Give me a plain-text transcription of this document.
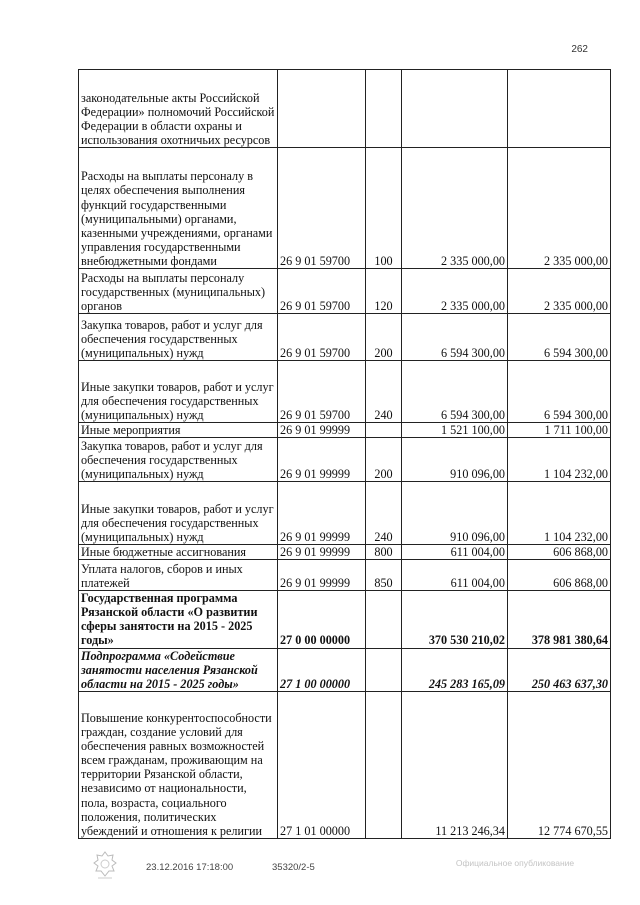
262
законодательные акты Российской Федерации» полномочий Российской Федерации в области охраны и использования охотничьих ресурсов				
Расходы на выплаты персоналу в целях обеспечения выполнения функций государственными (муниципальными) органами, казенными учреждениями, органами управления государственными внебюджетными фондами	26 9 01 59700	100	2 335 000,00	2 335 000,00
Расходы на выплаты персоналу государственных (муниципальных) органов	26 9 01 59700	120	2 335 000,00	2 335 000,00
Закупка товаров, работ и услуг для обеспечения государственных (муниципальных) нужд	26 9 01 59700	200	6 594 300,00	6 594 300,00
Иные закупки товаров, работ и услуг для обеспечения государственных (муниципальных) нужд	26 9 01 59700	240	6 594 300,00	6 594 300,00
Иные мероприятия	26 9 01 99999		1 521 100,00	1 711 100,00
Закупка товаров, работ и услуг для обеспечения государственных (муниципальных) нужд	26 9 01 99999	200	910 096,00	1 104 232,00
Иные закупки товаров, работ и услуг для обеспечения государственных (муниципальных) нужд	26 9 01 99999	240	910 096,00	1 104 232,00
Иные бюджетные ассигнования	26 9 01 99999	800	611 004,00	606 868,00
Уплата налогов, сборов и иных платежей	26 9 01 99999	850	611 004,00	606 868,00
Государственная программа Рязанской области «О развитии сферы занятости на 2015 - 2025 годы»	27 0 00 00000		370 530 210,02	378 981 380,64
Подпрограмма «Содействие занятости населения Рязанской области на 2015 - 2025 годы»	27 1 00 00000		245 283 165,09	250 463 637,30
Повышение конкурентоспособности граждан, создание условий для обеспечения равных возможностей всем гражданам, проживающим на территории Рязанской области, независимо от национальности, пола, возраста, социального положения, политических убеждений и отношения к религии	27 1 01 00000		11 213 246,34	12 774 670,55
23.12.2016 17:18:00	35320/2-5	Официальное опубликование
